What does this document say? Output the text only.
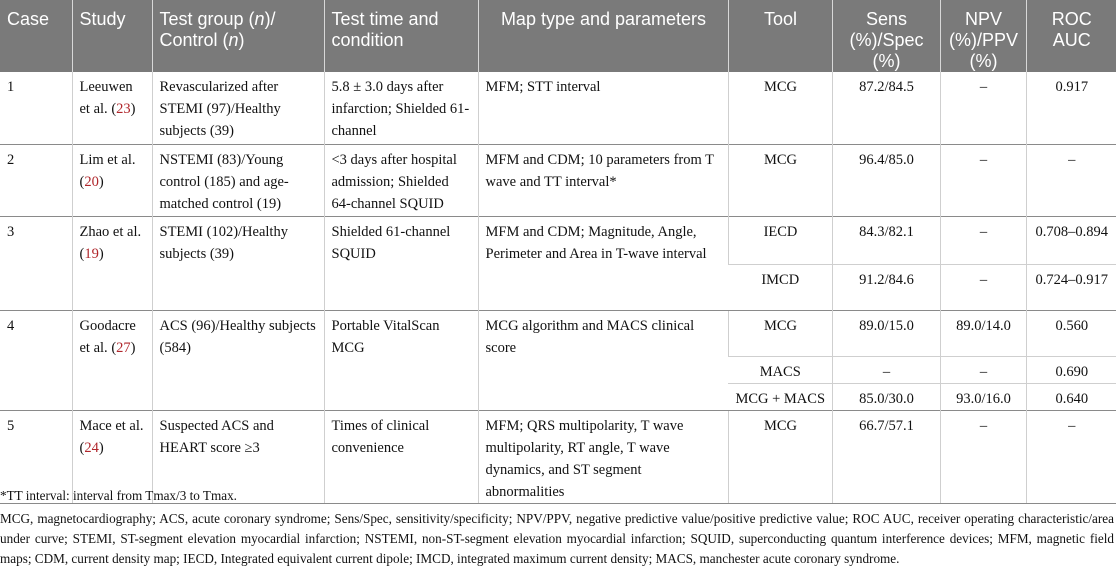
Case	Study	Test group (n)/ Control (n)	Test time and condition	Map type and parameters	Tool	Sens (%)/Spec (%)	NPV (%)/PPV (%)	ROC AUC
1	Leeuwen et al. (23)	Revascularized after STEMI (97)/Healthy subjects (39)	5.8 ± 3.0 days after infarction; Shielded 61-channel	MFM; STT interval	MCG	87.2/84.5	–	0.917
2	Lim et al. (20)	NSTEMI (83)/Young control (185) and age-matched control (19)	<3 days after hospital admission; Shielded 64-channel SQUID	MFM and CDM; 10 parameters from T wave and TT interval*	MCG	96.4/85.0	–	–
3	Zhao et al. (19)	STEMI (102)/Healthy subjects (39)	Shielded 61-channel SQUID	MFM and CDM; Magnitude, Angle, Perimeter and Area in T-wave interval	IECD	84.3/82.1	–	0.708–0.894
					IMCD	91.2/84.6	–	0.724–0.917
4	Goodacre et al. (27)	ACS (96)/Healthy subjects (584)	Portable VitalScan MCG	MCG algorithm and MACS clinical score	MCG	89.0/15.0	89.0/14.0	0.560
					MACS	–	–	0.690
					MCG + MACS	85.0/30.0	93.0/16.0	0.640
5	Mace et al. (24)	Suspected ACS and HEART score ≥3	Times of clinical convenience	MFM; QRS multipolarity, T wave multipolarity, RT angle, T wave dynamics, and ST segment abnormalities	MCG	66.7/57.1	–	–

*TT interval: interval from Tmax/3 to Tmax.

MCG, magnetocardiography; ACS, acute coronary syndrome; Sens/Spec, sensitivity/specificity; NPV/PPV, negative predictive value/positive predictive value; ROC AUC, receiver operating characteristic/area under curve; STEMI, ST-segment elevation myocardial infarction; NSTEMI, non-ST-segment elevation myocardial infarction; SQUID, superconducting quantum interference devices; MFM, magnetic field maps; CDM, current density map; IECD, Integrated equivalent current dipole; IMCD, integrated maximum current density; MACS, manchester acute coronary syndrome.
